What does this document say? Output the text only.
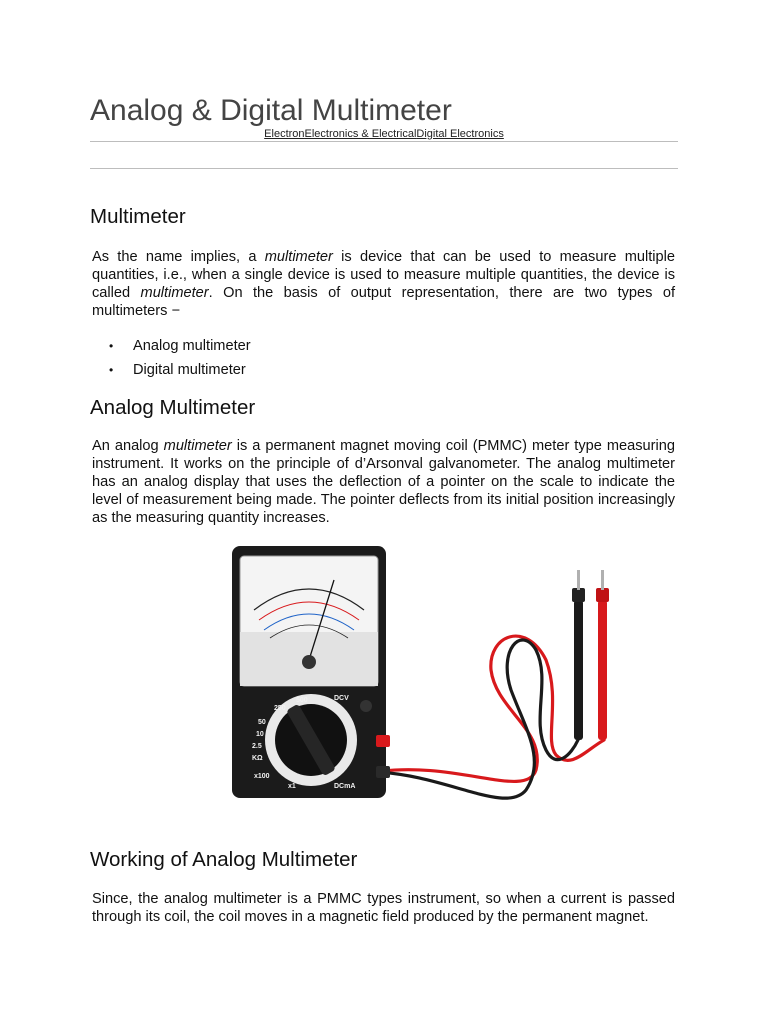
Analog & Digital Multimeter
ElectronElectronics & ElectricalDigital Electronics
Multimeter

As the name implies, a multimeter is device that can be used to measure multiple quantities, i.e., when a single device is used to measure multiple quantities, the device is called multimeter. On the basis of output representation, there are two types of multimeters −

• Analog multimeter
• Digital multimeter
Analog Multimeter

An analog multimeter is a permanent magnet moving coil (PMMC) meter type measuring instrument. It works on the principle of d’Arsonval galvanometer. The analog multimeter has an analog display that uses the deflection of a pointer on the scale to indicate the level of measurement being made. The pointer deflects from its initial position increasingly as the measuring quantity increases.

250
500	DCV
50
10
2.5
KΩ
x100
x1	DCmA
Working of Analog Multimeter

Since, the analog multimeter is a PMMC types instrument, so when a current is passed through its coil, the coil moves in a magnetic field produced by the permanent magnet.
